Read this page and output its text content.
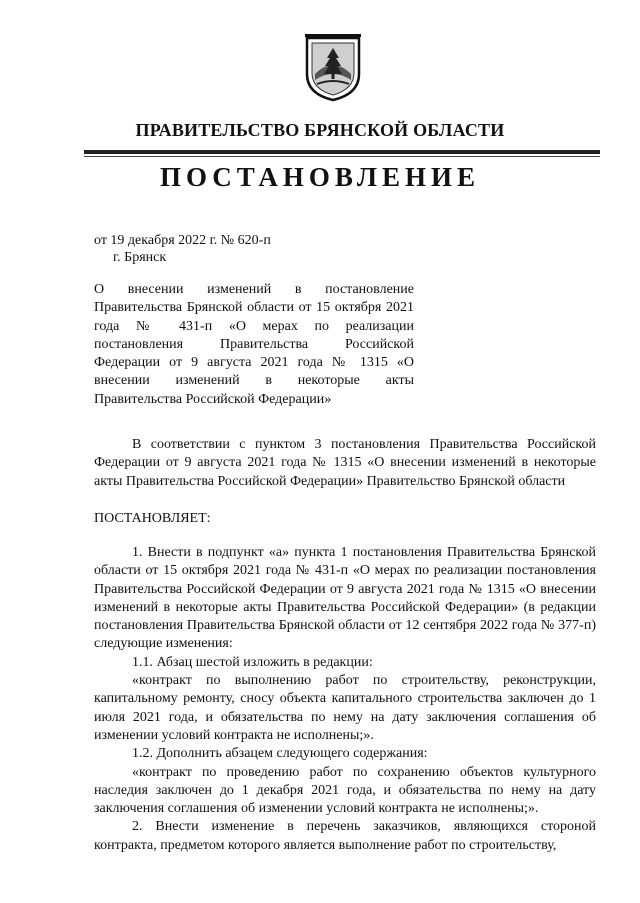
ПРАВИТЕЛЬСТВО БРЯНСКОЙ ОБЛАСТИ
ПОСТАНОВЛЕНИЕ
от 19 декабря 2022 г. № 620-п
г. Брянск
О внесении изменений в постановление Правительства Брянской области от 15 октября 2021 года № 431-п «О мерах по реализации постановления Правительства Российской Федерации от 9 августа 2021 года № 1315 «О внесении изменений в некоторые акты Правительства Российской Федерации»
В соответствии с пунктом 3 постановления Правительства Российской Федерации от 9 августа 2021 года № 1315 «О внесении изменений в некоторые акты Правительства Российской Федерации» Правительство Брянской области
ПОСТАНОВЛЯЕТ:

1. Внести в подпункт «а» пункта 1 постановления Правительства Брянской области от 15 октября 2021 года № 431-п «О мерах по реализации постановления Правительства Российской Федерации от 9 августа 2021 года № 1315 «О внесении изменений в некоторые акты Правительства Российской Федерации» (в редакции постановления Правительства Брянской области от 12 сентября 2022 года № 377-п) следующие изменения:

1.1. Абзац шестой изложить в редакции:

«контракт по выполнению работ по строительству, реконструкции, капитальному ремонту, сносу объекта капитального строительства заключен до 1 июля 2021 года, и обязательства по нему на дату заключения соглашения об изменении условий контракта не исполнены;».

1.2. Дополнить абзацем следующего содержания:

«контракт по проведению работ по сохранению объектов культурного наследия заключен до 1 декабря 2021 года, и обязательства по нему на дату заключения соглашения об изменении условий контракта не исполнены;».

2. Внести изменение в перечень заказчиков, являющихся стороной контракта, предметом которого является выполнение работ по строительству,
